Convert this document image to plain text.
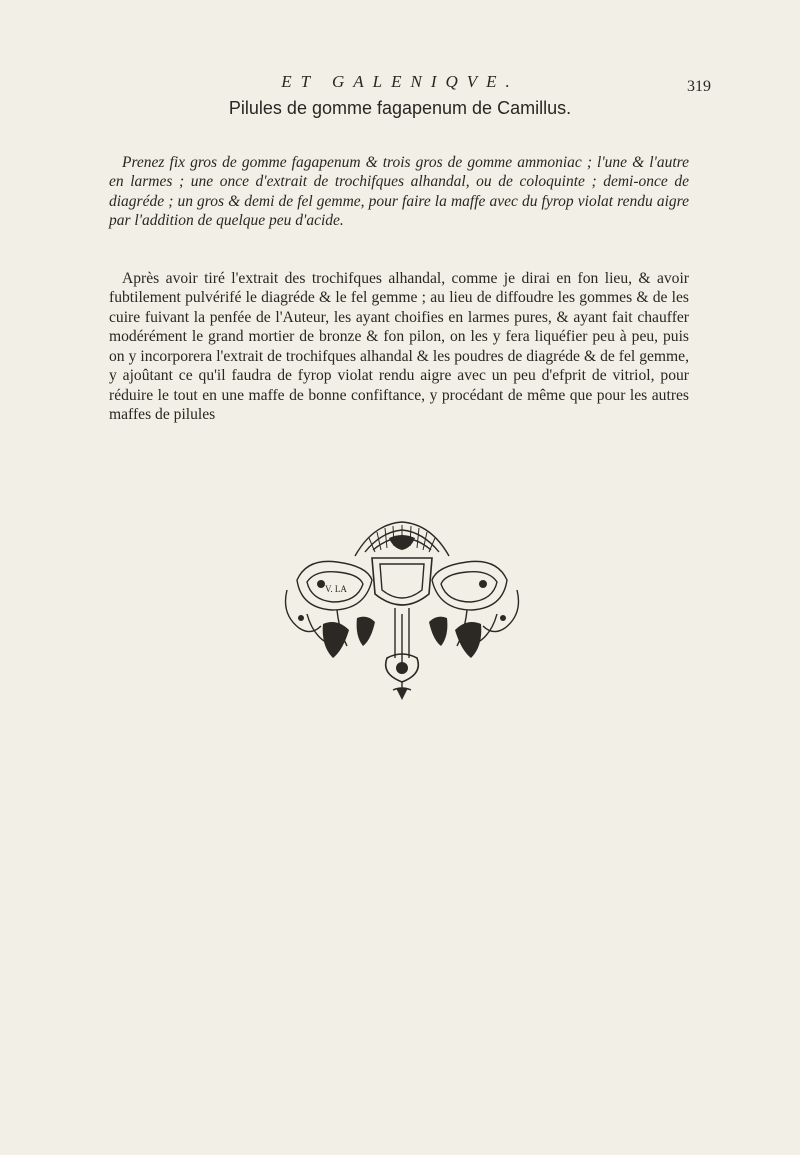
ET GALENIQVE.	319
Pilules de gomme fagapenum de Camillus.

Prenez fix gros de gomme fagapenum & trois gros de gomme ammoniac ; l'une & l'autre en larmes ; une once d'extrait de trochifques alhandal, ou de coloquinte ; demi-once de diagréde ; un gros & demi de fel gemme, pour faire la maffe avec du fyrop violat rendu aigre par l'addition de quelque peu d'acide.

Après avoir tiré l'extrait des trochifques alhandal, comme je dirai en fon lieu, & avoir fubtilement pulvérifé le diagréde & le fel gemme ; au lieu de diffoudre les gommes & de les cuire fuivant la penfée de l'Auteur, les ayant choifies en larmes pures, & ayant fait chauffer modérément le grand mortier de bronze & fon pilon, on les y fera liquéfier peu à peu, puis on y incorporera l'extrait de trochifques alhandal & les poudres de diagréde & de fel gemme, y ajoûtant ce qu'il faudra de fyrop violat rendu aigre avec un peu d'efprit de vitriol, pour réduire le tout en une maffe de bonne confiftance, y procédant de même que pour les autres maffes de pilules

V. LA
